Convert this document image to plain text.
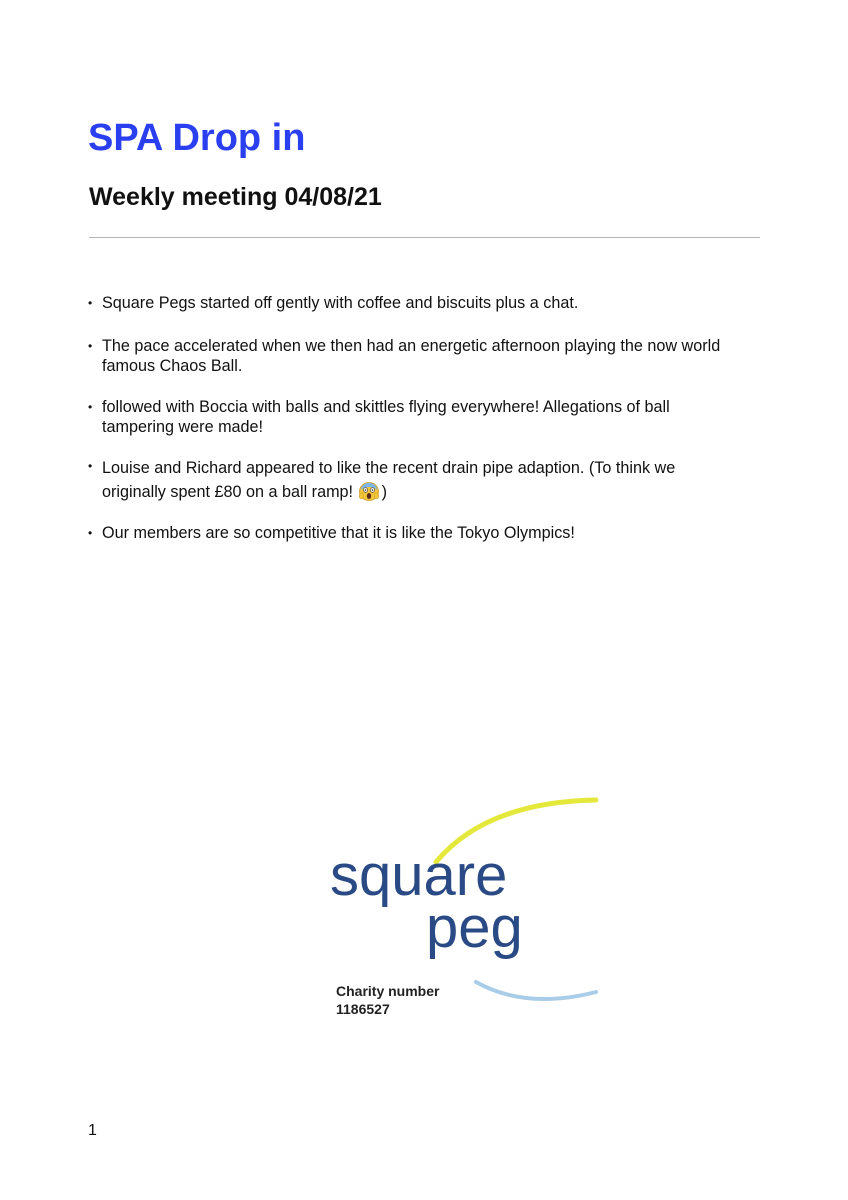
SPA Drop in
Weekly meeting 04/08/21
• Square Pegs started off gently with coffee and biscuits plus a chat.
• The pace accelerated when we then had an energetic afternoon playing the now world famous Chaos Ball.
• followed with Boccia with balls and skittles flying everywhere! Allegations of ball tampering were made!
• Louise and Richard appeared to like the recent drain pipe adaption. (To think we originally spent £80 on a ball ramp! )
• Our members are so competitive that it is like the Tokyo Olympics!
square
peg
Charity number
1186527
1
